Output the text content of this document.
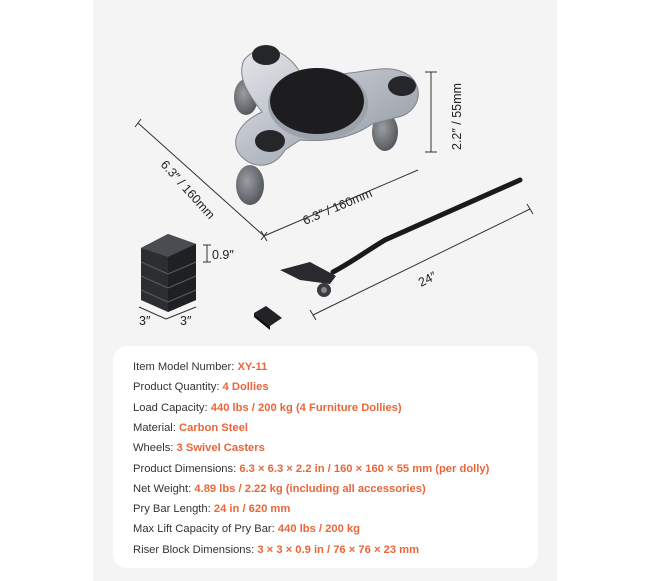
2.2″ / 55mm
6.3″ / 160mm	6.3″ / 160mm
0.9″
3″ 3″
24″
Item Model Number: XY-11
Product Quantity: 4 Dollies
Load Capacity: 440 lbs / 200 kg (4 Furniture Dollies)
Material: Carbon Steel
Wheels: 3 Swivel Casters
Product Dimensions: 6.3 × 6.3 × 2.2 in / 160 × 160 × 55 mm (per dolly)
Net Weight: 4.89 lbs / 2.22 kg (including all accessories)
Pry Bar Length: 24 in / 620 mm
Max Lift Capacity of Pry Bar: 440 lbs / 200 kg
Riser Block Dimensions: 3 × 3 × 0.9 in / 76 × 76 × 23 mm
